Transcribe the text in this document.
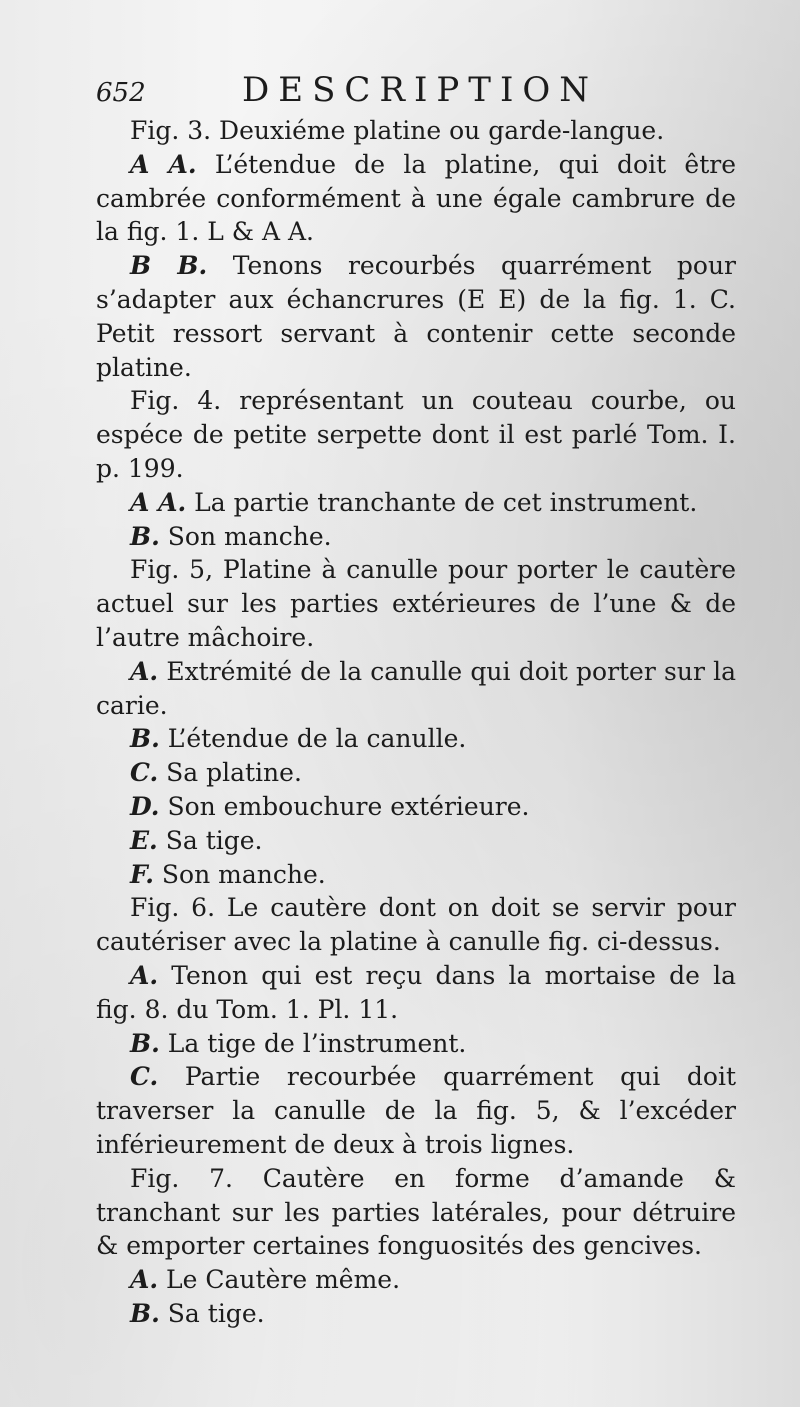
652	DESCRIPTION

Fig. 3. Deuxiéme platine ou garde-langue.

A A. L’étendue de la platine, qui doit être cambrée conformément à une égale cambrure de la fig. 1. L & A A.

B B. Tenons recourbés quarrément pour s’adapter aux échancrures (E E) de la fig. 1. C. Petit ressort servant à contenir cette seconde platine.

Fig. 4. représentant un couteau courbe, ou espéce de petite serpette dont il est parlé Tom. I. p. 199.

A A. La partie tranchante de cet instrument.

B. Son manche.

Fig. 5, Platine à canulle pour porter le cautère actuel sur les parties extérieures de l’une & de l’autre mâchoire.

A. Extrémité de la canulle qui doit porter sur la carie.

B. L’étendue de la canulle.

C. Sa platine.

D. Son embouchure extérieure.

E. Sa tige.

F. Son manche.

Fig. 6. Le cautère dont on doit se servir pour cautériser avec la platine à canulle fig. ci-dessus.

A. Tenon qui est reçu dans la mortaise de la fig. 8. du Tom. 1. Pl. 11.

B. La tige de l’instrument.

C. Partie recourbée quarrément qui doit traverser la canulle de la fig. 5, & l’excéder inférieurement de deux à trois lignes.

Fig. 7. Cautère en forme d’amande & tranchant sur les parties latérales, pour détruire & emporter certaines fonguosités des gencives.

A. Le Cautère même.

B. Sa tige.
